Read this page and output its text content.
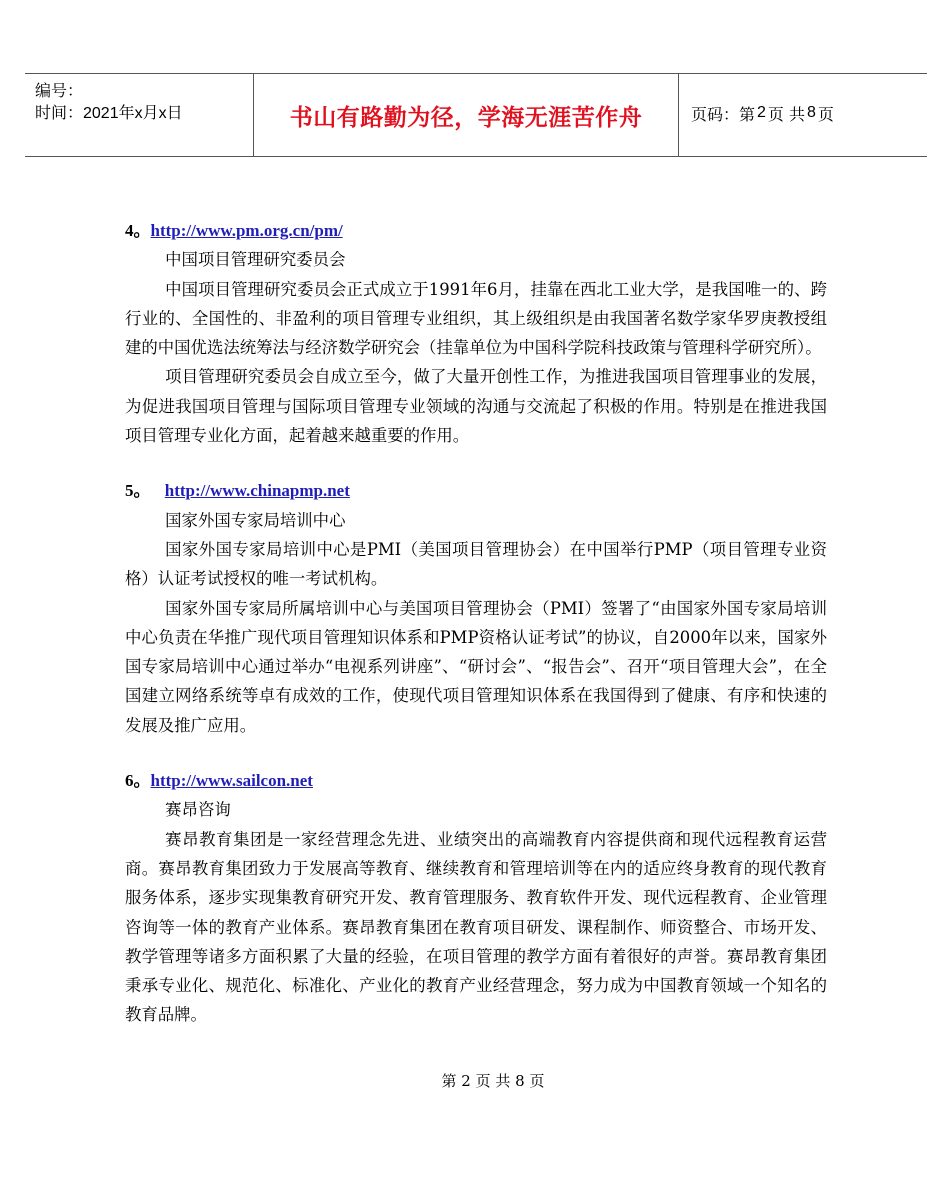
编号：
时间：2021年x月x日	书山有路勤为径，学海无涯苦作舟	页码：第 2 页 共 8 页

4。http://www.pm.org.cn/pm/

中国项目管理研究委员会

中国项目管理研究委员会正式成立于1991年6月，挂靠在西北工业大学，是我国唯一的、跨行业的、全国性的、非盈利的项目管理专业组织，其上级组织是由我国著名数学家华罗庚教授组建的中国优选法统筹法与经济数学研究会（挂靠单位为中国科学院科技政策与管理科学研究所）。

项目管理研究委员会自成立至今，做了大量开创性工作，为推进我国项目管理事业的发展，为促进我国项目管理与国际项目管理专业领域的沟通与交流起了积极的作用。特别是在推进我国项目管理专业化方面，起着越来越重要的作用。

5。 http://www.chinapmp.net

国家外国专家局培训中心

国家外国专家局培训中心是PMI（美国项目管理协会）在中国举行PMP（项目管理专业资格）认证考试授权的唯一考试机构。

国家外国专家局所属培训中心与美国项目管理协会（PMI）签署了“由国家外国专家局培训中心负责在华推广现代项目管理知识体系和PMP资格认证考试”的协议，自2000年以来，国家外国专家局培训中心通过举办“电视系列讲座”、“研讨会”、“报告会”、召开“项目管理大会”，在全国建立网络系统等卓有成效的工作，使现代项目管理知识体系在我国得到了健康、有序和快速的发展及推广应用。

6。http://www.sailcon.net

赛昂咨询

赛昂教育集团是一家经营理念先进、业绩突出的高端教育内容提供商和现代远程教育运营商。赛昂教育集团致力于发展高等教育、继续教育和管理培训等在内的适应终身教育的现代教育服务体系，逐步实现集教育研究开发、教育管理服务、教育软件开发、现代远程教育、企业管理咨询等一体的教育产业体系。赛昂教育集团在教育项目研发、课程制作、师资整合、市场开发、教学管理等诸多方面积累了大量的经验，在项目管理的教学方面有着很好的声誉。赛昂教育集团秉承专业化、规范化、标准化、产业化的教育产业经营理念，努力成为中国教育领域一个知名的教育品牌。

第 2 页 共 8 页
